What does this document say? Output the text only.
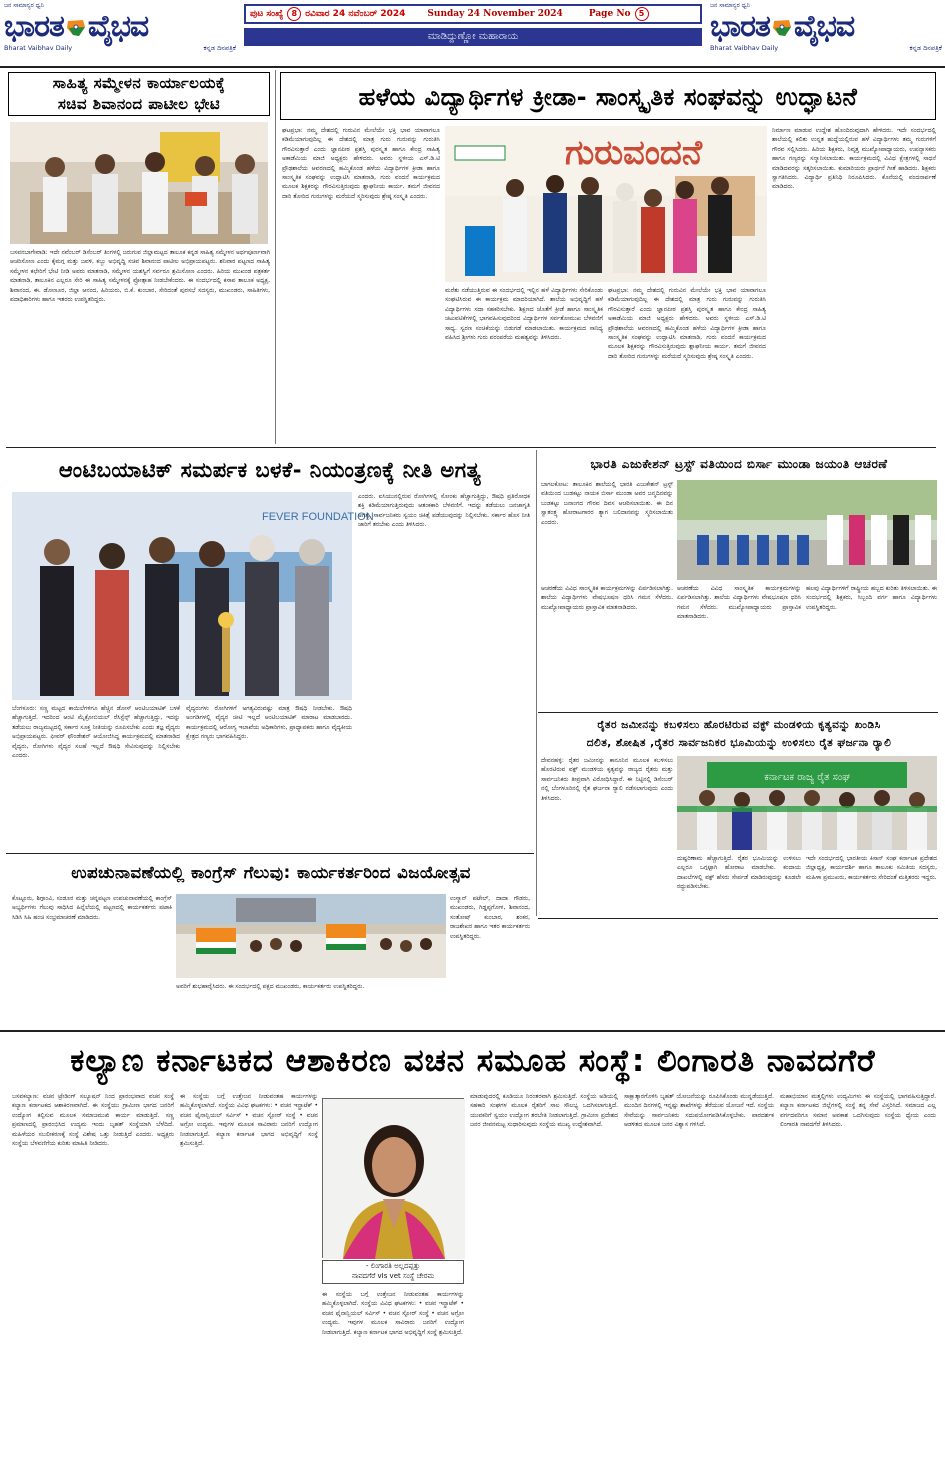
ಜನ ಸಾಮಾನ್ಯರ ಧ್ವನಿ
ಭಾರತ ವೈಭವ
Bharat Vaibhav Daily	ಕನ್ನಡ ದಿನಪತ್ರಿಕೆ
ಪುಟ ಸಂಖ್ಯೆ	8 ರವಿವಾರ 24 ನವೆಂಬರ್ 2024	Sunday 24 November 2024	Page No	5
ಮಾಡಿದ್ದುಣ್ಣೋ ಮಹಾರಾಯ
ಜನ ಸಾಮಾನ್ಯರ ಧ್ವನಿ
ಭಾರತ ವೈಭವ
Bharat Vaibhav Daily	ಕನ್ನಡ ದಿನಪತ್ರಿಕೆ
ಸಾಹಿತ್ಯ ಸಮ್ಮೇಳನ ಕಾರ್ಯಾಲಯಕ್ಕೆ
ಸಚಿವ ಶಿವಾನಂದ ಪಾಟೀಲ ಭೇಟಿ
ಬಸವನಬಾಗೇವಾಡಿ: ಇದೇ ನವೆಂಬರ್ ಡಿಸೆಂಬರ್ ತಿಂಗಳಲ್ಲಿ ಜರುಗುವ ಜಿಲ್ಲಾಮಟ್ಟದ ತಾಲೂಕ ಕನ್ನಡ ಸಾಹಿತ್ಯ ಸಮ್ಮೇಳನ ಅರ್ಥಪೂರ್ಣವಾಗಿ ಆಚರಿಸೋಣ ಎಂದು ಕೈಮಗ್ಗ ಮತ್ತು ಜವಳಿ, ಕಬ್ಬು ಅಭಿವೃದ್ಧಿ ಸಚಿವ ಶಿವಾನಂದ ಪಾಟೀಲ ಅಭಿಪ್ರಾಯಪಟ್ಟರು. ಶನಿವಾರ ಪಟ್ಟಣದ ಸಾಹಿತ್ಯ ಸಮ್ಮೇಳನ ಕಛೇರಿಗೆ ಭೇಟಿ ನೀಡಿ ಅವರು ಮಾತನಾಡಿ, ಸಮ್ಮೇಳನ ಯಶಸ್ವಿಗೆ ಸರ್ವರೂ ಶ್ರಮಿಸೋಣ ಎಂದರು. ಹಿರಿಯ ಮುಖಂಡ ಪತ್ರಕರ್ತ ಮಾತನಾಡಿ, ತಾಲೂಕಿನ ಎಲ್ಲರೂ ಸೇರಿ ಈ ಸಾಹಿತ್ಯ ಸಮ್ಮೇಳನಕ್ಕೆ ಪ್ರೋತ್ಸಾಹ ನೀಡಬೇಕೆಂದರು. ಈ ಸಂದರ್ಭದಲ್ಲಿ ಕಸಾಪ ತಾಲೂಕ ಅಧ್ಯಕ್ಷ, ಶಿವಾನಂದ, ಈ. ಡೋಣೂರ, ಜಿಲ್ಲಾ ಆನಂದ, ಹಿರಿಯರು, ಬಿ.ಕೆ. ಕುಂಬಾರ, ಸೇರಿದಂತೆ ಪುರಸಭೆ ಸದಸ್ಯರು, ಮುಖಂಡರು, ಸಾಹಿತಿಗಳು, ಪದಾಧಿಕಾರಿಗಳು ಹಾಗೂ ಇತರರು ಉಪಸ್ಥಿತರಿದ್ದರು.
ಹಳೆಯ ವಿದ್ಯಾರ್ಥಿಗಳ ಕ್ರೀಡಾ- ಸಾಂಸ್ಕೃತಿಕ ಸಂಘವನ್ನು ಉದ್ಘಾಟನೆ
ಘಟಪ್ರಭಾ: ನಮ್ಮ ದೇಶದಲ್ಲಿ ಗುರುವಿನ ಮೇಲೆಯೇ ಭಕ್ತಿ ಭಾವ ಯಾವಾಗಲೂ ಕಡಿಮೆಯಾಗುವುದಿಲ್ಲ ಈ ದೇಶದಲ್ಲಿ ಮಾತ್ರ ಗುರು ಗುರುವನ್ನು ಗುರುತಿಸಿ ಗೌರವಿಸುತ್ತಾರೆ ಎಂದು ಜ್ಞಾನಪೀಠ ಪ್ರಶಸ್ತಿ ಪುರಸ್ಕೃತ ಹಾಗೂ ಕೇಂದ್ರ ಸಾಹಿತ್ಯ ಅಕಾಡೆಮಿಯ ಮಾಜಿ ಅಧ್ಯಕ್ಷರು ಹೇಳಿದರು. ಅವರು ಸ್ಥಳೀಯ ಎಸ್.ಡಿ.ಟಿ ಪ್ರೌಢಶಾಲೆಯ ಆವರಣದಲ್ಲಿ ಹಮ್ಮಿಕೊಂಡ ಹಳೆಯ ವಿದ್ಯಾರ್ಥಿಗಳ ಕ್ರೀಡಾ ಹಾಗೂ ಸಾಂಸ್ಕೃತಿಕ ಸಂಘವನ್ನು ಉದ್ಘಾಟಿಸಿ ಮಾತನಾಡಿ, ಗುರು ವಂದನೆ ಕಾರ್ಯಕ್ರಮದ ಮೂಲಕ ಶಿಕ್ಷಕರನ್ನು ಗೌರವಿಸುತ್ತಿರುವುದು ಶ್ಲಾಘನೀಯ ಕಾರ್ಯ. ತಮಗೆ ಜೀವನದ ದಾರಿ ತೋರಿದ ಗುರುಗಳನ್ನು ಮರೆಯದೆ ಸ್ಮರಿಸುವುದು ಶ್ರೇಷ್ಠ ಸಂಸ್ಕೃತಿ ಎಂದರು.
ಗುರುವಂದನೆ
ಮರೆತು ನಡೆಯುತ್ತಿರುವ ಈ ಸಂದರ್ಭದಲ್ಲಿ ಇಲ್ಲಿನ ಹಳೆ ವಿದ್ಯಾರ್ಥಿಗಳು ಸೇರಿಕೊಂಡು ಸಂಘಟಿಸಿರುವ ಈ ಕಾರ್ಯಕ್ರಮ ಮಾದರಿಯಾಗಿದೆ. ಶಾಲೆಯ ಅಭಿವೃದ್ಧಿಗೆ ಹಳೆ ವಿದ್ಯಾರ್ಥಿಗಳು ಸದಾ ಸಹಕರಿಸಬೇಕು. ಶಿಕ್ಷಣದ ಜೊತೆಗೆ ಕ್ರೀಡೆ ಹಾಗೂ ಸಾಂಸ್ಕೃತಿಕ ಚಟುವಟಿಕೆಗಳಲ್ಲಿ ಭಾಗವಹಿಸುವುದರಿಂದ ವಿದ್ಯಾರ್ಥಿಗಳ ಸರ್ವತೋಮುಖ ಬೆಳವಣಿಗೆ ಸಾಧ್ಯ. ಸ್ವರಣ ಸಂಚಿಕೆಯನ್ನು ಬಿಡುಗಡೆ ಮಾಡಲಾಯಿತು. ಕಾರ್ಯಕ್ರಮದ ಸಾನಿಧ್ಯ ವಹಿಸಿದ ಶ್ರೀಗಳು ಗುರು ಪರಂಪರೆಯ ಮಹತ್ವವನ್ನು ತಿಳಿಸಿದರು.
ಘಟಪ್ರಭಾ: ನಮ್ಮ ದೇಶದಲ್ಲಿ ಗುರುವಿನ ಮೇಲೆಯೇ ಭಕ್ತಿ ಭಾವ ಯಾವಾಗಲೂ ಕಡಿಮೆಯಾಗುವುದಿಲ್ಲ ಈ ದೇಶದಲ್ಲಿ ಮಾತ್ರ ಗುರು ಗುರುವನ್ನು ಗುರುತಿಸಿ ಗೌರವಿಸುತ್ತಾರೆ ಎಂದು ಜ್ಞಾನಪೀಠ ಪ್ರಶಸ್ತಿ ಪುರಸ್ಕೃತ ಹಾಗೂ ಕೇಂದ್ರ ಸಾಹಿತ್ಯ ಅಕಾಡೆಮಿಯ ಮಾಜಿ ಅಧ್ಯಕ್ಷರು ಹೇಳಿದರು. ಅವರು ಸ್ಥಳೀಯ ಎಸ್.ಡಿ.ಟಿ ಪ್ರೌಢಶಾಲೆಯ ಆವರಣದಲ್ಲಿ ಹಮ್ಮಿಕೊಂಡ ಹಳೆಯ ವಿದ್ಯಾರ್ಥಿಗಳ ಕ್ರೀಡಾ ಹಾಗೂ ಸಾಂಸ್ಕೃತಿಕ ಸಂಘವನ್ನು ಉದ್ಘಾಟಿಸಿ ಮಾತನಾಡಿ, ಗುರು ವಂದನೆ ಕಾರ್ಯಕ್ರಮದ ಮೂಲಕ ಶಿಕ್ಷಕರನ್ನು ಗೌರವಿಸುತ್ತಿರುವುದು ಶ್ಲಾಘನೀಯ ಕಾರ್ಯ. ತಮಗೆ ಜೀವನದ ದಾರಿ ತೋರಿದ ಗುರುಗಳನ್ನು ಮರೆಯದೆ ಸ್ಮರಿಸುವುದು ಶ್ರೇಷ್ಠ ಸಂಸ್ಕೃತಿ ಎಂದರು.
ನಿರ್ಮಾಣ ಮಾಡುವ ಉದ್ದೇಶ ಹೊಂದಿರುವುದಾಗಿ ಹೇಳಿದರು. ಇದೇ ಸಂದರ್ಭದಲ್ಲಿ ಶಾಲೆಯಲ್ಲಿ ಕಲಿತು ಉನ್ನತ ಹುದ್ದೆಯಲ್ಲಿರುವ ಹಳೆ ವಿದ್ಯಾರ್ಥಿಗಳು ತಮ್ಮ ಗುರುಗಳಿಗೆ ಗೌರವ ಸಲ್ಲಿಸಿದರು. ಹಿರಿಯ ಶಿಕ್ಷಕರು, ನಿವೃತ್ತ ಮುಖ್ಯೋಪಾಧ್ಯಾಯರು, ಉಪನ್ಯಾಸಕರು ಹಾಗೂ ಗಣ್ಯರನ್ನು ಸನ್ಮಾನಿಸಲಾಯಿತು. ಕಾರ್ಯಕ್ರಮದಲ್ಲಿ ವಿವಿಧ ಕ್ಷೇತ್ರಗಳಲ್ಲಿ ಸಾಧನೆ ಮಾಡಿದವರನ್ನು ಸತ್ಕರಿಸಲಾಯಿತು. ಕುಮಾರಿಯರು ಪ್ರಾರ್ಥನೆ ಗೀತೆ ಹಾಡಿದರು. ಶಿಕ್ಷಕರು ಸ್ವಾಗತಿಸಿದರು. ವಿದ್ಯಾರ್ಥಿ ಪ್ರತಿನಿಧಿ ನಿರೂಪಿಸಿದರು. ಕೊನೆಯಲ್ಲಿ ವಂದನಾರ್ಪಣೆ ಮಾಡಿದರು.
ಆಂಟಿಬಯಾಟಿಕ್ ಸಮರ್ಪಕ ಬಳಕೆ- ನಿಯಂತ್ರಣಕ್ಕೆ ನೀತಿ ಅಗತ್ಯ
FEVER FOUNDATION
ಬೆಂಗಳೂರು: ಸಣ್ಣ ಮಟ್ಟದ ಕಾಯಿಲೆಗಳಿಗೂ ಹೆಚ್ಚಿನ ಡೋಸ್ ಆಂಟಿಬಯಾಟಿಕ್ ಬಳಕೆ ಹೆಚ್ಚಾಗುತ್ತಿದೆ. ಇದರಿಂದ ಆಂಟಿ ಮೈಕ್ರೋಬಿಯಲ್ ರೆಸಿಸ್ಟೆನ್ಸ್ ಹೆಚ್ಚಾಗುತ್ತಿದ್ದು, ಇದನ್ನು ತಡೆಯಲು ರಾಜ್ಯಮಟ್ಟದಲ್ಲಿ ಸರ್ಕಾರ ಸೂಕ್ತ ನೀತಿಯನ್ನು ರೂಪಿಸಬೇಕು ಎಂದು ತಜ್ಞ ವೈದ್ಯರು ಅಭಿಪ್ರಾಯಪಟ್ಟರು. ಫೀವರ್ ಫೌಂಡೇಶನ್ ಆಯೋಜಿಸಿದ್ದ ಕಾರ್ಯಕ್ರಮದಲ್ಲಿ ಮಾತನಾಡಿದ ವೈದ್ಯರು, ರೋಗಿಗಳು ವೈದ್ಯರ ಸಲಹೆ ಇಲ್ಲದೆ ಔಷಧಿ ಸೇವಿಸುವುದನ್ನು ನಿಲ್ಲಿಸಬೇಕು ಎಂದರು.
ವೈದ್ಯರುಗಳು ರೋಗಿಗಳಿಗೆ ಅಗತ್ಯವಿರುವಷ್ಟು ಮಾತ್ರ ಔಷಧಿ ನೀಡಬೇಕು. ಔಷಧಿ ಅಂಗಡಿಗಳಲ್ಲಿ ವೈದ್ಯರ ಚೀಟಿ ಇಲ್ಲದೆ ಆಂಟಿಬಯಾಟಿಕ್ ಮಾರಾಟ ಮಾಡಬಾರದು. ಕಾರ್ಯಕ್ರಮದಲ್ಲಿ ಆರೋಗ್ಯ ಇಲಾಖೆಯ ಅಧಿಕಾರಿಗಳು, ಪ್ರಾಧ್ಯಾಪಕರು ಹಾಗೂ ವೈದ್ಯಕೀಯ ಕ್ಷೇತ್ರದ ಗಣ್ಯರು ಭಾಗವಹಿಸಿದ್ದರು.
ಎಂದರು. ಐಸಿಯುನಲ್ಲಿರುವ ರೋಗಿಗಳಲ್ಲಿ ಸೋಂಕು ಹೆಚ್ಚಾಗುತ್ತಿದ್ದು, ಔಷಧಿ ಪ್ರತಿರೋಧಕ ಶಕ್ತಿ ಕಡಿಮೆಯಾಗುತ್ತಿರುವುದು ಆತಂಕಕಾರಿ ಬೆಳವಣಿಗೆ. ಇದನ್ನು ತಡೆಯಲು ಜನಜಾಗೃತಿ ಅಗತ್ಯ. ಸಾರ್ವಜನಿಕರು ಸ್ವಯಂ ಚಿಕಿತ್ಸೆ ಪಡೆಯುವುದನ್ನು ನಿಲ್ಲಿಸಬೇಕು. ಸರ್ಕಾರ ಹೊಸ ನೀತಿ ಜಾರಿಗೆ ತರಬೇಕು ಎಂದು ತಿಳಿಸಿದರು.
ಭಾರತಿ ಎಜುಕೇಶನ್ ಟ್ರಸ್ಟ್ ವತಿಯಿಂದ ಬಿರ್ಸಾ ಮುಂಡಾ ಜಯಂತಿ ಆಚರಣೆ
ಬಾಗಲಕೋಟ: ತಾಲೂಕಿನ ಶಾಲೆಯಲ್ಲಿ ಭಾರತಿ ಎಜುಕೇಶನ್ ಟ್ರಸ್ಟ್ ವತಿಯಿಂದ ಬುಡಕಟ್ಟು ನಾಯಕ ಬಿರ್ಸಾ ಮುಂಡಾ ಅವರ ಜನ್ಮದಿನವನ್ನು ಬುಡಕಟ್ಟು ಜನಾಂಗದ ಗೌರವ ದಿವಸ ಆಚರಿಸಲಾಯಿತು. ಈ ದಿನ ಸ್ವಾತಂತ್ರ್ಯ ಹೋರಾಟಗಾರರ ತ್ಯಾಗ ಬಲಿದಾನವನ್ನು ಸ್ಮರಿಸಲಾಯಿತು ಎಂದರು.
ಆಚರಣೆಯ ವಿವಿಧ ಸಾಂಸ್ಕೃತಿಕ ಕಾರ್ಯಕ್ರಮಗಳನ್ನು ಏರ್ಪಡಿಸಲಾಗಿತ್ತು. ಶಾಲೆಯ ವಿದ್ಯಾರ್ಥಿಗಳು ವೇಷಭೂಷಣ ಧರಿಸಿ ಗಮನ ಸೆಳೆದರು. ಮುಖ್ಯೋಪಾಧ್ಯಾಯರು ಪ್ರಾಸ್ತಾವಿಕ ಮಾತನಾಡಿದರು.
ಆಚರಣೆಯ ವಿವಿಧ ಸಾಂಸ್ಕೃತಿಕ ಕಾರ್ಯಕ್ರಮಗಳನ್ನು ಏರ್ಪಡಿಸಲಾಗಿತ್ತು. ಶಾಲೆಯ ವಿದ್ಯಾರ್ಥಿಗಳು ವೇಷಭೂಷಣ ಧರಿಸಿ ಗಮನ ಸೆಳೆದರು. ಮುಖ್ಯೋಪಾಧ್ಯಾಯರು ಪ್ರಾಸ್ತಾವಿಕ ಮಾತನಾಡಿದರು.
ಹಲವು ವಿದ್ಯಾರ್ಥಿಗಳಿಗೆ ರಾಷ್ಟ್ರೀಯ ಹಬ್ಬದ ಕುರಿತು ತಿಳಿಸಲಾಯಿತು. ಈ ಸಂದರ್ಭದಲ್ಲಿ ಶಿಕ್ಷಕರು, ಸಿಬ್ಬಂದಿ ವರ್ಗ ಹಾಗೂ ವಿದ್ಯಾರ್ಥಿಗಳು ಉಪಸ್ಥಿತರಿದ್ದರು.
ರೈತರ ಜಮೀನನ್ನು ಕಬಳಿಸಲು ಹೊರಟಿರುವ ವಕ್ಫ್ ಮಂಡಳಿಯ ಕೃತ್ಯವನ್ನು ಖಂಡಿಸಿ
ದಲಿತ, ಶೋಷಿತ ,ರೈತರ ಸಾರ್ವಜನಿಕರ ಭೂಮಿಯನ್ನು ಉಳಿಸಲು ರೈತ ಘರ್ಜನಾ ರ‍್ಯಾಲಿ
ದೇವನಹಳ್ಳಿ: ರೈತರ ಜಮೀನನ್ನು ಕಾನೂನಿನ ಮೂಲಕ ಕಬಳಿಸಲು ಹೊರಟಿರುವ ವಕ್ಫ್ ಮಂಡಳಿಯ ಕೃತ್ಯವನ್ನು ರಾಜ್ಯದ ರೈತರು ಮತ್ತು ಸಾರ್ವಜನಿಕರು ತೀವ್ರವಾಗಿ ವಿರೋಧಿಸಿದ್ದಾರೆ. ಈ ನಿಟ್ಟಿನಲ್ಲಿ ಡಿಸೆಂಬರ್ ನಲ್ಲಿ ಬೆಂಗಳೂರಿನಲ್ಲಿ ರೈತ ಘರ್ಜನಾ ರ‍್ಯಾಲಿ ನಡೆಸಲಾಗುವುದು ಎಂದು ತಿಳಿಸಿದರು.
ಕರ್ನಾಟಕ ರಾಜ್ಯ ರೈತ ಸಂಘ
ದುಷ್ಪರಿಣಾಮ ಹೆಚ್ಚಾಗುತ್ತಿದೆ. ರೈತರ ಭೂಮಿಯನ್ನು ಉಳಿಸಲು ಎಲ್ಲರೂ ಒಗ್ಗಟ್ಟಾಗಿ ಹೋರಾಟ ಮಾಡಬೇಕು. ಕಂದಾಯ ದಾಖಲೆಗಳಲ್ಲಿ ವಕ್ಫ್ ಹೆಸರು ಸೇರ್ಪಡೆ ಮಾಡಿರುವುದನ್ನು ಕೂಡಲೇ ರದ್ದುಪಡಿಸಬೇಕು.
ಇದೇ ಸಂದರ್ಭದಲ್ಲಿ ಭಾರತೀಯ ಕಿಸಾನ್ ಸಂಘ ಕರ್ನಾಟಕ ಪ್ರದೇಶದ ಜಿಲ್ಲಾಧ್ಯಕ್ಷ, ಕಾರ್ಯದರ್ಶಿ ಹಾಗೂ ತಾಲೂಕು ಸಮಿತಿಯ ಸದಸ್ಯರು, ಮಹಿಳಾ ಪ್ರಮುಖರು, ಕಾರ್ಯಕರ್ತರು ಸೇರಿದಂತೆ ಮತ್ತಿತರರು ಇದ್ದರು.
ಉಪಚುನಾವಣೆಯಲ್ಲಿ ಕಾಂಗ್ರೆಸ್ ಗೆಲುವು: ಕಾರ್ಯಕರ್ತರಿಂದ ವಿಜಯೋತ್ಸವ
ಕೊಟ್ಟೂರು, ಶಿಗ್ಗಾಂವಿ, ಸಂಡೂರ ಮತ್ತು ಚನ್ನಪಟ್ಟಣ ಉಪಚುನಾವಣೆಯಲ್ಲಿ ಕಾಂಗ್ರೆಸ್ ಅಭ್ಯರ್ಥಿಗಳು ಗೆಲುವು ಸಾಧಿಸಿದ ಹಿನ್ನೆಲೆಯಲ್ಲಿ ಪಟ್ಟಣದಲ್ಲಿ ಕಾರ್ಯಕರ್ತರು ಪಟಾಕಿ ಸಿಡಿಸಿ ಸಿಹಿ ಹಂಚಿ ಸಂಭ್ರಮಾಚರಣೆ ಮಾಡಿದರು.
ಅವರಿಗೆ ಶುಭಹಾರೈಸಿದರು. ಈ ಸಂದರ್ಭದಲ್ಲಿ ಪಕ್ಷದ ಮುಖಂಡರು, ಕಾರ್ಯಕರ್ತರು ಉಪಸ್ಥಿತರಿದ್ದರು.
ಉಸ್ಮಾನ್ ಪಟೇಲ್, ದಾದಾ ಗೌಡರು, ಮುಖಂಡರು, ಗಿಡ್ಡಪ್ಪಗೋಳ, ಶಿವಾನಂದ, ಸಂತೋಷ್ ಕುಂಬಾರ, ಶಂಕರ, ರಾಜಶೇಖರ ಹಾಗೂ ಇತರ ಕಾರ್ಯಕರ್ತರು ಉಪಸ್ಥಿತರಿದ್ದರು.
ಕಲ್ಯಾಣ ಕರ್ನಾಟಕದ ಆಶಾಕಿರಣ ವಚನ ಸಮೂಹ ಸಂಸ್ಥೆ: ಲಿಂಗಾರತಿ ನಾವದಗೆರೆ
ಬಸವಕಲ್ಯಾಣ: ವಚನ ಟ್ರೇಡಿಂಗ್ ಸಲ್ಯೂಷನ್ ನಿಂದ ಪ್ರಾರಂಭವಾದ ವಚನ ಸಂಸ್ಥೆ ಕಲ್ಯಾಣ ಕರ್ನಾಟಕದ ಆಶಾಕಿರಣವಾಗಿದೆ. ಈ ಸಂಸ್ಥೆಯು ಗ್ರಾಮೀಣ ಭಾಗದ ಜನರಿಗೆ ಉದ್ಯೋಗ ಕಲ್ಪಿಸುವ ಮೂಲಕ ಸಮಾಜಮುಖಿ ಕಾರ್ಯ ಮಾಡುತ್ತಿದೆ. ಸಣ್ಣ ಪ್ರಮಾಣದಲ್ಲಿ ಪ್ರಾರಂಭಿಸಿದ ಉದ್ಯಮ ಇಂದು ಬೃಹತ್ ಸಂಸ್ಥೆಯಾಗಿ ಬೆಳೆದಿದೆ. ಮಹಿಳೆಯರ ಸಬಲೀಕರಣಕ್ಕೆ ಸಂಸ್ಥೆ ವಿಶೇಷ ಒತ್ತು ನೀಡುತ್ತಿದೆ ಎಂದರು. ಅಧ್ಯಕ್ಷರು ಸಂಸ್ಥೆಯ ಬೆಳವಣಿಗೆಯ ಕುರಿತು ಮಾಹಿತಿ ನೀಡಿದರು.
ಈ ಸಂಸ್ಥೆಯ ಬಗ್ಗೆ ಉತ್ತೇಜನ ನೀಡುವಂತಹ ಕಾರ್ಯಗಳನ್ನು ಹಮ್ಮಿಕೊಳ್ಳಲಾಗಿದೆ. ಸಂಸ್ಥೆಯ ವಿವಿಧ ಘಟಕಗಳು: • ವಚನ ಇನ್ಫ್ರಾಟೆಕ್ • ವಚನ ಫೈನಾನ್ಷಿಯಲ್ ಸರ್ವಿಸ್ • ವಚನ ಸ್ಟೋರ್ ಸಂಸ್ಥೆ • ವಚನ ಅಗ್ರೋ ಉದ್ಯಮ. ಇವುಗಳ ಮೂಲಕ ಸಾವಿರಾರು ಜನರಿಗೆ ಉದ್ಯೋಗ ನೀಡಲಾಗುತ್ತಿದೆ. ಕಲ್ಯಾಣ ಕರ್ನಾಟಕ ಭಾಗದ ಅಭಿವೃದ್ಧಿಗೆ ಸಂಸ್ಥೆ ಶ್ರಮಿಸುತ್ತಿದೆ.
- ಲಿಂಗಾರತಿ ಅಲ್ಲದಪ್ಪತ್ತು
ನಾವದಗೆರೆ vIs vet ಸಂಸ್ಥೆ ಚೇರಮ
ಈ ಸಂಸ್ಥೆಯ ಬಗ್ಗೆ ಉತ್ತೇಜನ ನೀಡುವಂತಹ ಕಾರ್ಯಗಳನ್ನು ಹಮ್ಮಿಕೊಳ್ಳಲಾಗಿದೆ. ಸಂಸ್ಥೆಯ ವಿವಿಧ ಘಟಕಗಳು: • ವಚನ ಇನ್ಫ್ರಾಟೆಕ್ • ವಚನ ಫೈನಾನ್ಷಿಯಲ್ ಸರ್ವಿಸ್ • ವಚನ ಸ್ಟೋರ್ ಸಂಸ್ಥೆ • ವಚನ ಅಗ್ರೋ ಉದ್ಯಮ. ಇವುಗಳ ಮೂಲಕ ಸಾವಿರಾರು ಜನರಿಗೆ ಉದ್ಯೋಗ ನೀಡಲಾಗುತ್ತಿದೆ. ಕಲ್ಯಾಣ ಕರ್ನಾಟಕ ಭಾಗದ ಅಭಿವೃದ್ಧಿಗೆ ಸಂಸ್ಥೆ ಶ್ರಮಿಸುತ್ತಿದೆ.
ಮಾಡುವುದರಲ್ಲಿ ಕೂಡಿಯೂ ನಿರಂತರವಾಗಿ ಶ್ರಮಿಸುತ್ತಿದೆ. ಸಂಸ್ಥೆಯ ಅಡಿಯಲ್ಲಿ ಸಹಕಾರಿ ಸಂಘಗಳ ಮೂಲಕ ರೈತರಿಗೆ ಸಾಲ ಸೌಲಭ್ಯ ಒದಗಿಸಲಾಗುತ್ತಿದೆ. ಯುವಕರಿಗೆ ಸ್ವಯಂ ಉದ್ಯೋಗ ತರಬೇತಿ ನೀಡಲಾಗುತ್ತಿದೆ. ಗ್ರಾಮೀಣ ಪ್ರದೇಶದ ಜನರ ಜೀವನಮಟ್ಟ ಸುಧಾರಿಸುವುದು ಸಂಸ್ಥೆಯ ಮುಖ್ಯ ಉದ್ದೇಶವಾಗಿದೆ.
ಸಾಕ್ಷಾತ್ಕಾರಗೊಳಿಸಿ ಬೃಹತ್ ಯೋಜನೆಯನ್ನು ರೂಪಿಸಿಕೊಂಡು ಮುನ್ನಡೆಯುತ್ತಿದೆ. ಮುಂದಿನ ದಿನಗಳಲ್ಲಿ ಇನ್ನಷ್ಟು ಶಾಖೆಗಳನ್ನು ತೆರೆಯುವ ಯೋಜನೆ ಇದೆ. ಸಂಸ್ಥೆಯ ಸೇವೆಯನ್ನು ಸಾರ್ವಜನಿಕರು ಸದುಪಯೋಗಪಡಿಸಿಕೊಳ್ಳಬೇಕು. ಪಾರದರ್ಶಕ ಆಡಳಿತದ ಮೂಲಕ ಜನರ ವಿಶ್ವಾಸ ಗಳಿಸಿದೆ.
ಮಹಾಭಿಯಾನ ಮತ್ತಲ್ಲಿಗಳು ಉದ್ಯಮಿಗಳು ಈ ಸಂಸ್ಥೆಯಲ್ಲಿ ಭಾಗವಹಿಸುತ್ತಿದ್ದಾರೆ. ಕಲ್ಯಾಣ ಕರ್ನಾಟಕದ ಜಿಲ್ಲೆಗಳಲ್ಲಿ ಸಂಸ್ಥೆ ತನ್ನ ಸೇವೆ ವಿಸ್ತರಿಸಿದೆ. ಸಮಾಜದ ಎಲ್ಲ ವರ್ಗದವರಿಗೂ ಸಮಾನ ಅವಕಾಶ ಒದಗಿಸುವುದು ಸಂಸ್ಥೆಯ ಧ್ಯೇಯ ಎಂದು ಲಿಂಗಾರತಿ ನಾವದಗೆರೆ ತಿಳಿಸಿದರು.
